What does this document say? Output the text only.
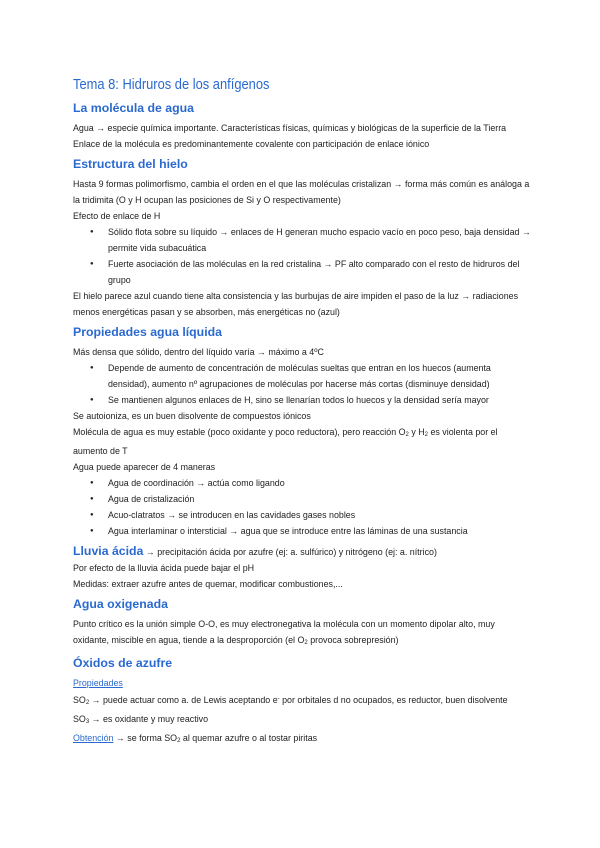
Tema 8: Hidruros de los anfígenos
La molécula de agua

Agua → especie química importante. Características físicas, químicas y biológicas de la superficie de la Tierra

Enlace de la molécula es predominantemente covalente con participación de enlace iónico

Estructura del hielo

Hasta 9 formas polimorfismo, cambia el orden en el que las moléculas cristalizan → forma más común es análoga a la tridimita (O y H ocupan las posiciones de Si y O respectivamente)

Efecto de enlace de H

● Sólido flota sobre su líquido → enlaces de H generan mucho espacio vacío en poco peso, baja densidad → permite vida subacuática
● Fuerte asociación de las moléculas en la red cristalina → PF alto comparado con el resto de hidruros del grupo

El hielo parece azul cuando tiene alta consistencia y las burbujas de aire impiden el paso de la luz → radiaciones menos energéticas pasan y se absorben, más energéticas no (azul)

Propiedades agua líquida

Más densa que sólido, dentro del líquido varía → máximo a 4ºC

● Depende de aumento de concentración de moléculas sueltas que entran en los huecos (aumenta densidad), aumento nº agrupaciones de moléculas por hacerse más cortas (disminuye densidad)
● Se mantienen algunos enlaces de H, sino se llenarían todos lo huecos y la densidad sería mayor

Se autoioniza, es un buen disolvente de compuestos iónicos

Molécula de agua es muy estable (poco oxidante y poco reductora), pero reacción O2 y H2 es violenta por el aumento de T

Agua puede aparecer de 4 maneras

● Agua de coordinación → actúa como ligando
● Agua de cristalización
● Acuo-clatratos → se introducen en las cavidades gases nobles
● Agua interlaminar o intersticial → agua que se introduce entre las láminas de una sustancia

Lluvia ácida → precipitación ácida por azufre (ej: a. sulfúrico) y nitrógeno (ej: a. nítrico)

Por efecto de la lluvia ácida puede bajar el pH

Medidas: extraer azufre antes de quemar, modificar combustiones,...

Agua oxigenada

Punto crítico es la unión simple O-O, es muy electronegativa la molécula con un momento dipolar alto, muy oxidante, miscible en agua, tiende a la desproporción (el O2 provoca sobrepresión)

Óxidos de azufre

Propiedades

SO2 → puede actuar como a. de Lewis aceptando e- por orbitales d no ocupados, es reductor, buen disolvente

SO3 → es oxidante y muy reactivo

Obtención → se forma SO2 al quemar azufre o al tostar piritas
